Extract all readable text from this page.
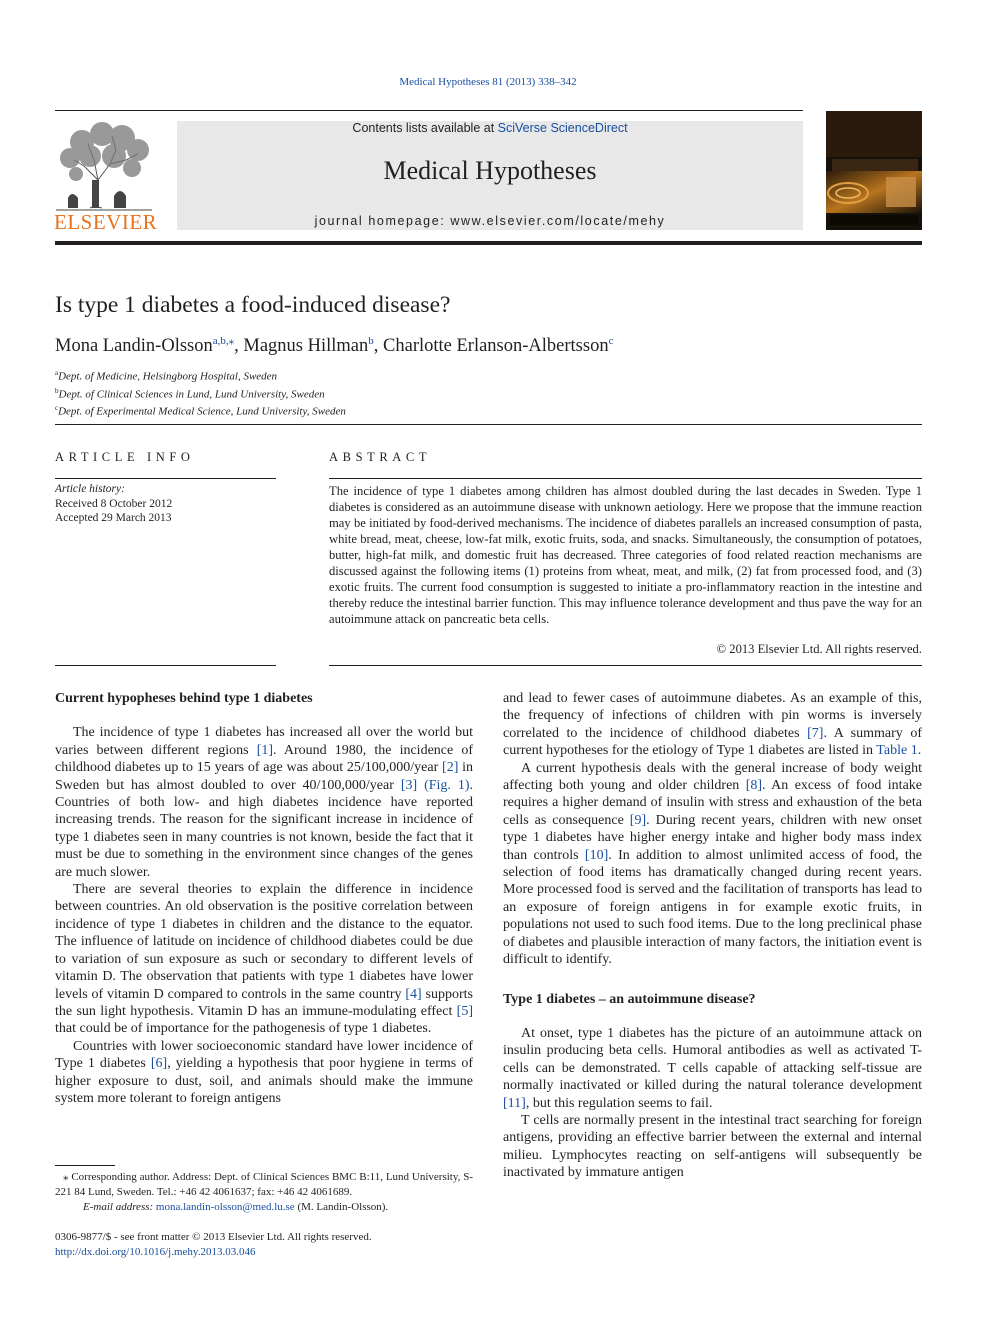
Medical Hypotheses 81 (2013) 338–342
ELSEVIER
Contents lists available at SciVerse ScienceDirect
Medical Hypotheses
journal homepage: www.elsevier.com/locate/mehy
Is type 1 diabetes a food-induced disease?
Mona Landin-Olsson$^{a,b,⁎}$, Magnus Hillman$^b$, Charlotte Erlanson-Albertsson$^c$
$^a$Dept. of Medicine, Helsingborg Hospital, Sweden
$^b$Dept. of Clinical Sciences in Lund, Lund University, Sweden
$^c$Dept. of Experimental Medical Science, Lund University, Sweden
ARTICLE INFO
Article history:
Received 8 October 2012
Accepted 29 March 2013
ABSTRACT
The incidence of type 1 diabetes among children has almost doubled during the last decades in Sweden. Type 1 diabetes is considered as an autoimmune disease with unknown aetiology. Here we propose that the immune reaction may be initiated by food-derived mechanisms. The incidence of diabetes parallels an increased consumption of pasta, white bread, meat, cheese, low-fat milk, exotic fruits, soda, and snacks. Simultaneously, the consumption of potatoes, butter, high-fat milk, and domestic fruit has decreased. Three categories of food related reaction mechanisms are discussed against the following items (1) proteins from wheat, meat, and milk, (2) fat from processed food, and (3) exotic fruits. The current food consumption is suggested to initiate a pro-inflammatory reaction in the intestine and thereby reduce the intestinal barrier function. This may influence tolerance development and thus pave the way for an autoimmune attack on pancreatic beta cells.
© 2013 Elsevier Ltd. All rights reserved.
Current hypopheses behind type 1 diabetes

The incidence of type 1 diabetes has increased all over the world but varies between different regions [1]. Around 1980, the incidence of childhood diabetes up to 15 years of age was about 25/100,000/year [2] in Sweden but has almost doubled to over 40/100,000/year [3] (Fig. 1). Countries of both low- and high diabetes incidence have reported increasing trends. The reason for the significant increase in incidence of type 1 diabetes seen in many countries is not known, beside the fact that it must be due to something in the environment since changes of the genes are much slower.

There are several theories to explain the difference in incidence between countries. An old observation is the positive correlation between incidence of type 1 diabetes in children and the distance to the equator. The influence of latitude on incidence of childhood diabetes could be due to variation of sun exposure as such or secondary to different levels of vitamin D. The observation that patients with type 1 diabetes have lower levels of vitamin D compared to controls in the same country [4] supports the sun light hypothesis. Vitamin D has an immune-modulating effect [5] that could be of importance for the pathogenesis of type 1 diabetes.

Countries with lower socioeconomic standard have lower incidence of Type 1 diabetes [6], yielding a hypothesis that poor hygiene in terms of higher exposure to dust, soil, and animals should make the immune system more tolerant to foreign antigens

and lead to fewer cases of autoimmune diabetes. As an example of this, the frequency of infections of children with pin worms is inversely correlated to the incidence of childhood diabetes [7]. A summary of current hypotheses for the etiology of Type 1 diabetes are listed in Table 1.

A current hypothesis deals with the general increase of body weight affecting both young and older children [8]. An excess of food intake requires a higher demand of insulin with stress and exhaustion of the beta cells as consequence [9]. During recent years, children with new onset type 1 diabetes have higher energy intake and higher body mass index than controls [10]. In addition to almost unlimited access of food, the selection of food items has dramatically changed during recent years. More processed food is served and the facilitation of transports has lead to an exposure of foreign antigens in for example exotic fruits, in populations not used to such food items. Due to the long preclinical phase of diabetes and plausible interaction of many factors, the initiation event is difficult to identify.

Type 1 diabetes – an autoimmune disease?

At onset, type 1 diabetes has the picture of an autoimmune attack on insulin producing beta cells. Humoral antibodies as well as activated T-cells can be demonstrated. T cells capable of attacking self-tissue are normally inactivated or killed during the natural tolerance development [11], but this regulation seems to fail.

T cells are normally present in the intestinal tract searching for foreign antigens, providing an effective barrier between the external and internal milieu. Lymphocytes reacting on self-antigens will subsequently be inactivated by immature antigen

⁎ Corresponding author. Address: Dept. of Clinical Sciences BMC B:11, Lund University, S-221 84 Lund, Sweden. Tel.: +46 42 4061637; fax: +46 42 4061689.
E-mail address: mona.landin-olsson@med.lu.se (M. Landin-Olsson).
0306-9877/$ - see front matter © 2013 Elsevier Ltd. All rights reserved.
http://dx.doi.org/10.1016/j.mehy.2013.03.046
